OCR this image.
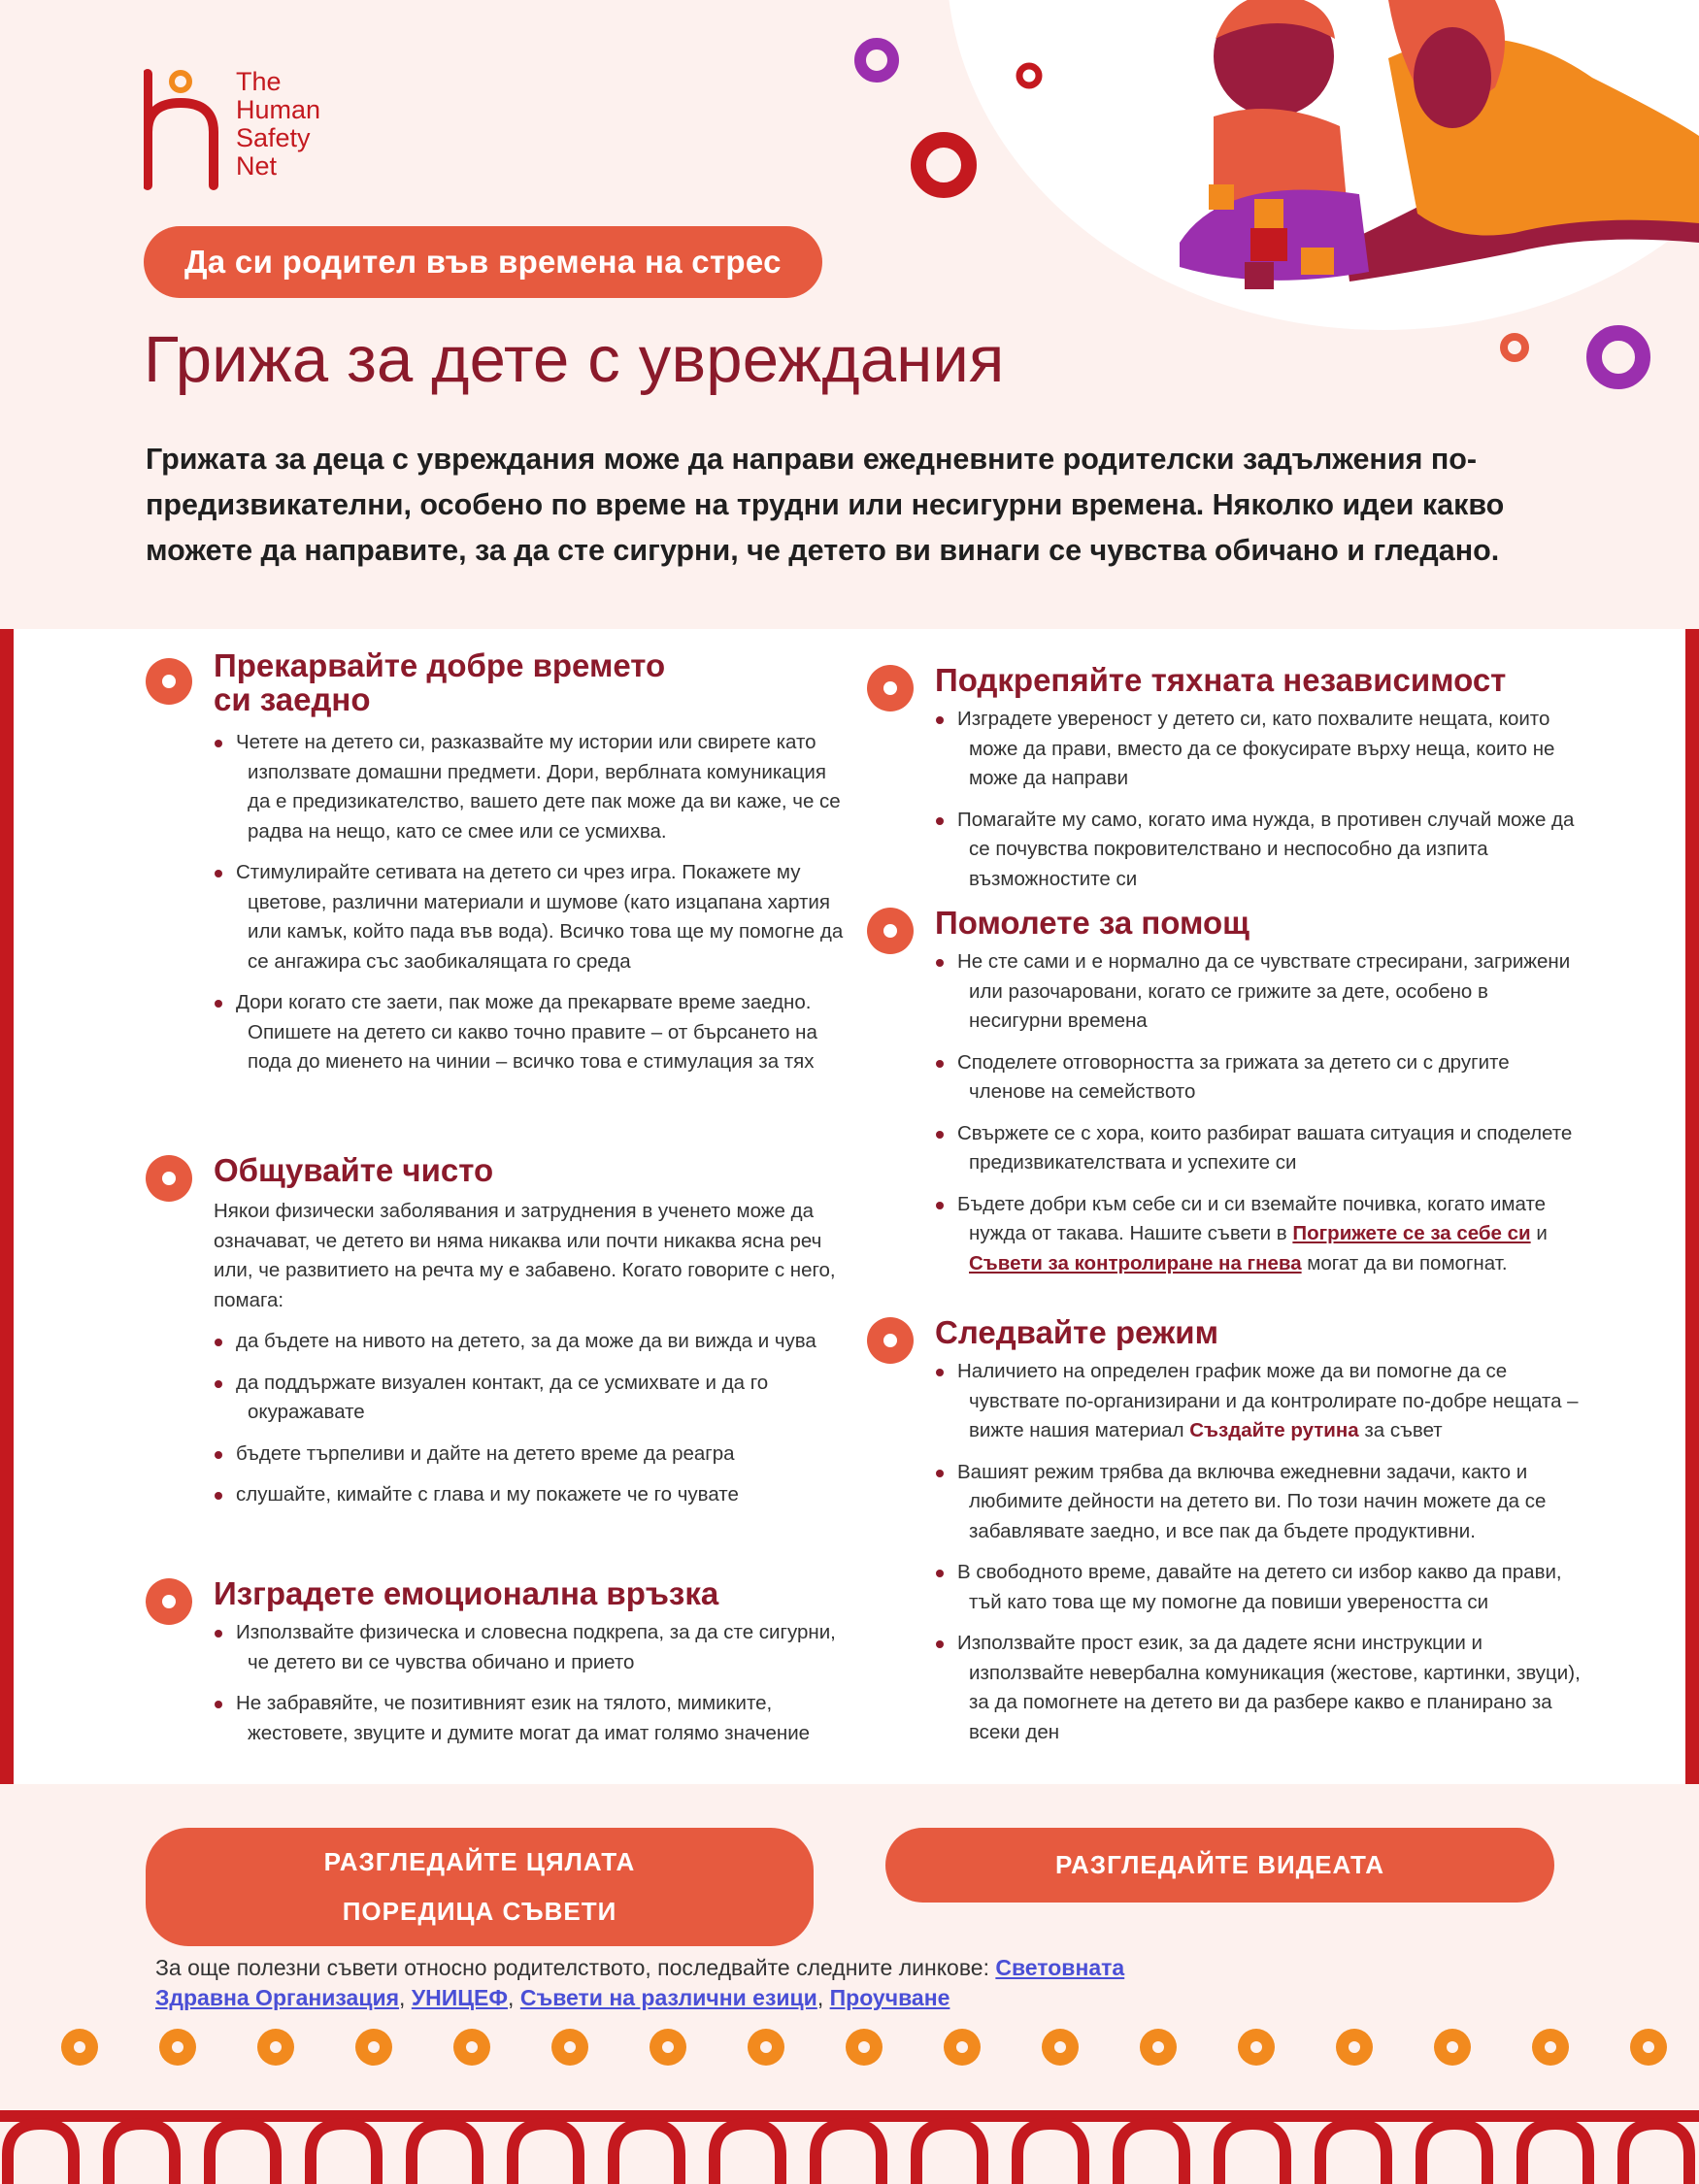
The
Human
Safety
Net
Да си родител във времена на стрес
Грижа за дете с увреждания

Грижата за деца с увреждания може да направи ежедневните родителски задължения по-предизвикателни, особено по време на трудни или несигурни времена. Няколко идеи какво можете да направите, за да сте сигурни, че детето ви винаги се чувства обичано и гледано.

Прекарвайте добре времето
си заедно
Четете на детето си, разказвайте му истории или свирете като използвате домашни предмети. Дори, верблната комуникация да е предизикателство, вашето дете пак може да ви каже, че се радва на нещо, като се смее или се усмихва.
Стимулирайте сетивата на детето си чрез игра. Покажете му цветове, различни материали и шумове (като изцапана хартия или камък, който пада във вода). Всичко това ще му помогне да се ангажира със заобикалящата го среда
Дори когато сте заети, пак може да прекарвате време заедно. Опишете на детето си какво точно правите – от бърсането на пода до миенето на чинии – всичко това е стимулация за тях
Общувайте чисто

Някои физически заболявания и затруднения в ученето може да означават, че детето ви няма никаква или почти никаква ясна реч или, че развитието на речта му е забавено. Когато говорите с него, помага:

да бъдете на нивото на детето, за да може да ви вижда и чува
да поддържате визуален контакт, да се усмихвате и да го окуражавате
бъдете търпеливи и дайте на детето време да реагра
слушайте, кимайте с глава и му покажете че го чувате
Изградете емоционална връзка
Използвайте физическа и словесна подкрепа, за да сте сигурни, че детето ви се чувства обичано и прието
Не забравяйте, че позитивният език на тялото, мимиките, жестовете, звуците и думите могат да имат голямо значение
Подкрепяйте тяхната независимост
Изградете увереност у детето си, като похвалите нещата, които може да прави, вместо да се фокусирате върху неща, които не може да направи
Помагайте му само, когато има нужда, в противен случай може да се почувства покровителствано и неспособно да изпита възможностите си
Помолете за помощ
Не сте сами и е нормално да се чувствате стресирани, загрижени или разочаровани, когато се грижите за дете, особено в несигурни времена
Споделете отговорността за грижата за детето си с другите членове на семейството
Свържете се с хора, които разбират вашата ситуация и споделете предизвикателствата и успехите си
Бъдете добри към себе си и си вземайте почивка, когато имате нужда от такава. Нашите съвети в Погрижете се за себе си и Съвети за контролиране на гнева могат да ви помогнат.
Следвайте режим
Наличието на определен график може да ви помогне да се чувствате по-организирани и да контролирате по-добре нещата – вижте нашия материал Създайте рутина за съвет
Вашият режим трябва да включва ежедневни задачи, както и любимите дейности на детето ви. По този начин можете да се забавлявате заедно, и все пак да бъдете продуктивни.
В свободното време, давайте на детето си избор какво да прави, тъй като това ще му помогне да повиши увереността си
Използвайте прост език, за да дадете ясни инструкции и използвайте невербална комуникация (жестове, картинки, звуци), за да помогнете на детето ви да разбере какво е планирано за всеки ден
РАЗГЛЕДАЙТЕ ЦЯЛАТА
ПОРЕДИЦА СЪВЕТИ
РАЗГЛЕДАЙТЕ ВИДЕАТА

За още полезни съвети относно родителството, последвайте следните линкове: Световната Здравна Организация, УНИЦЕФ, Съвети на различни езици, Проучване
